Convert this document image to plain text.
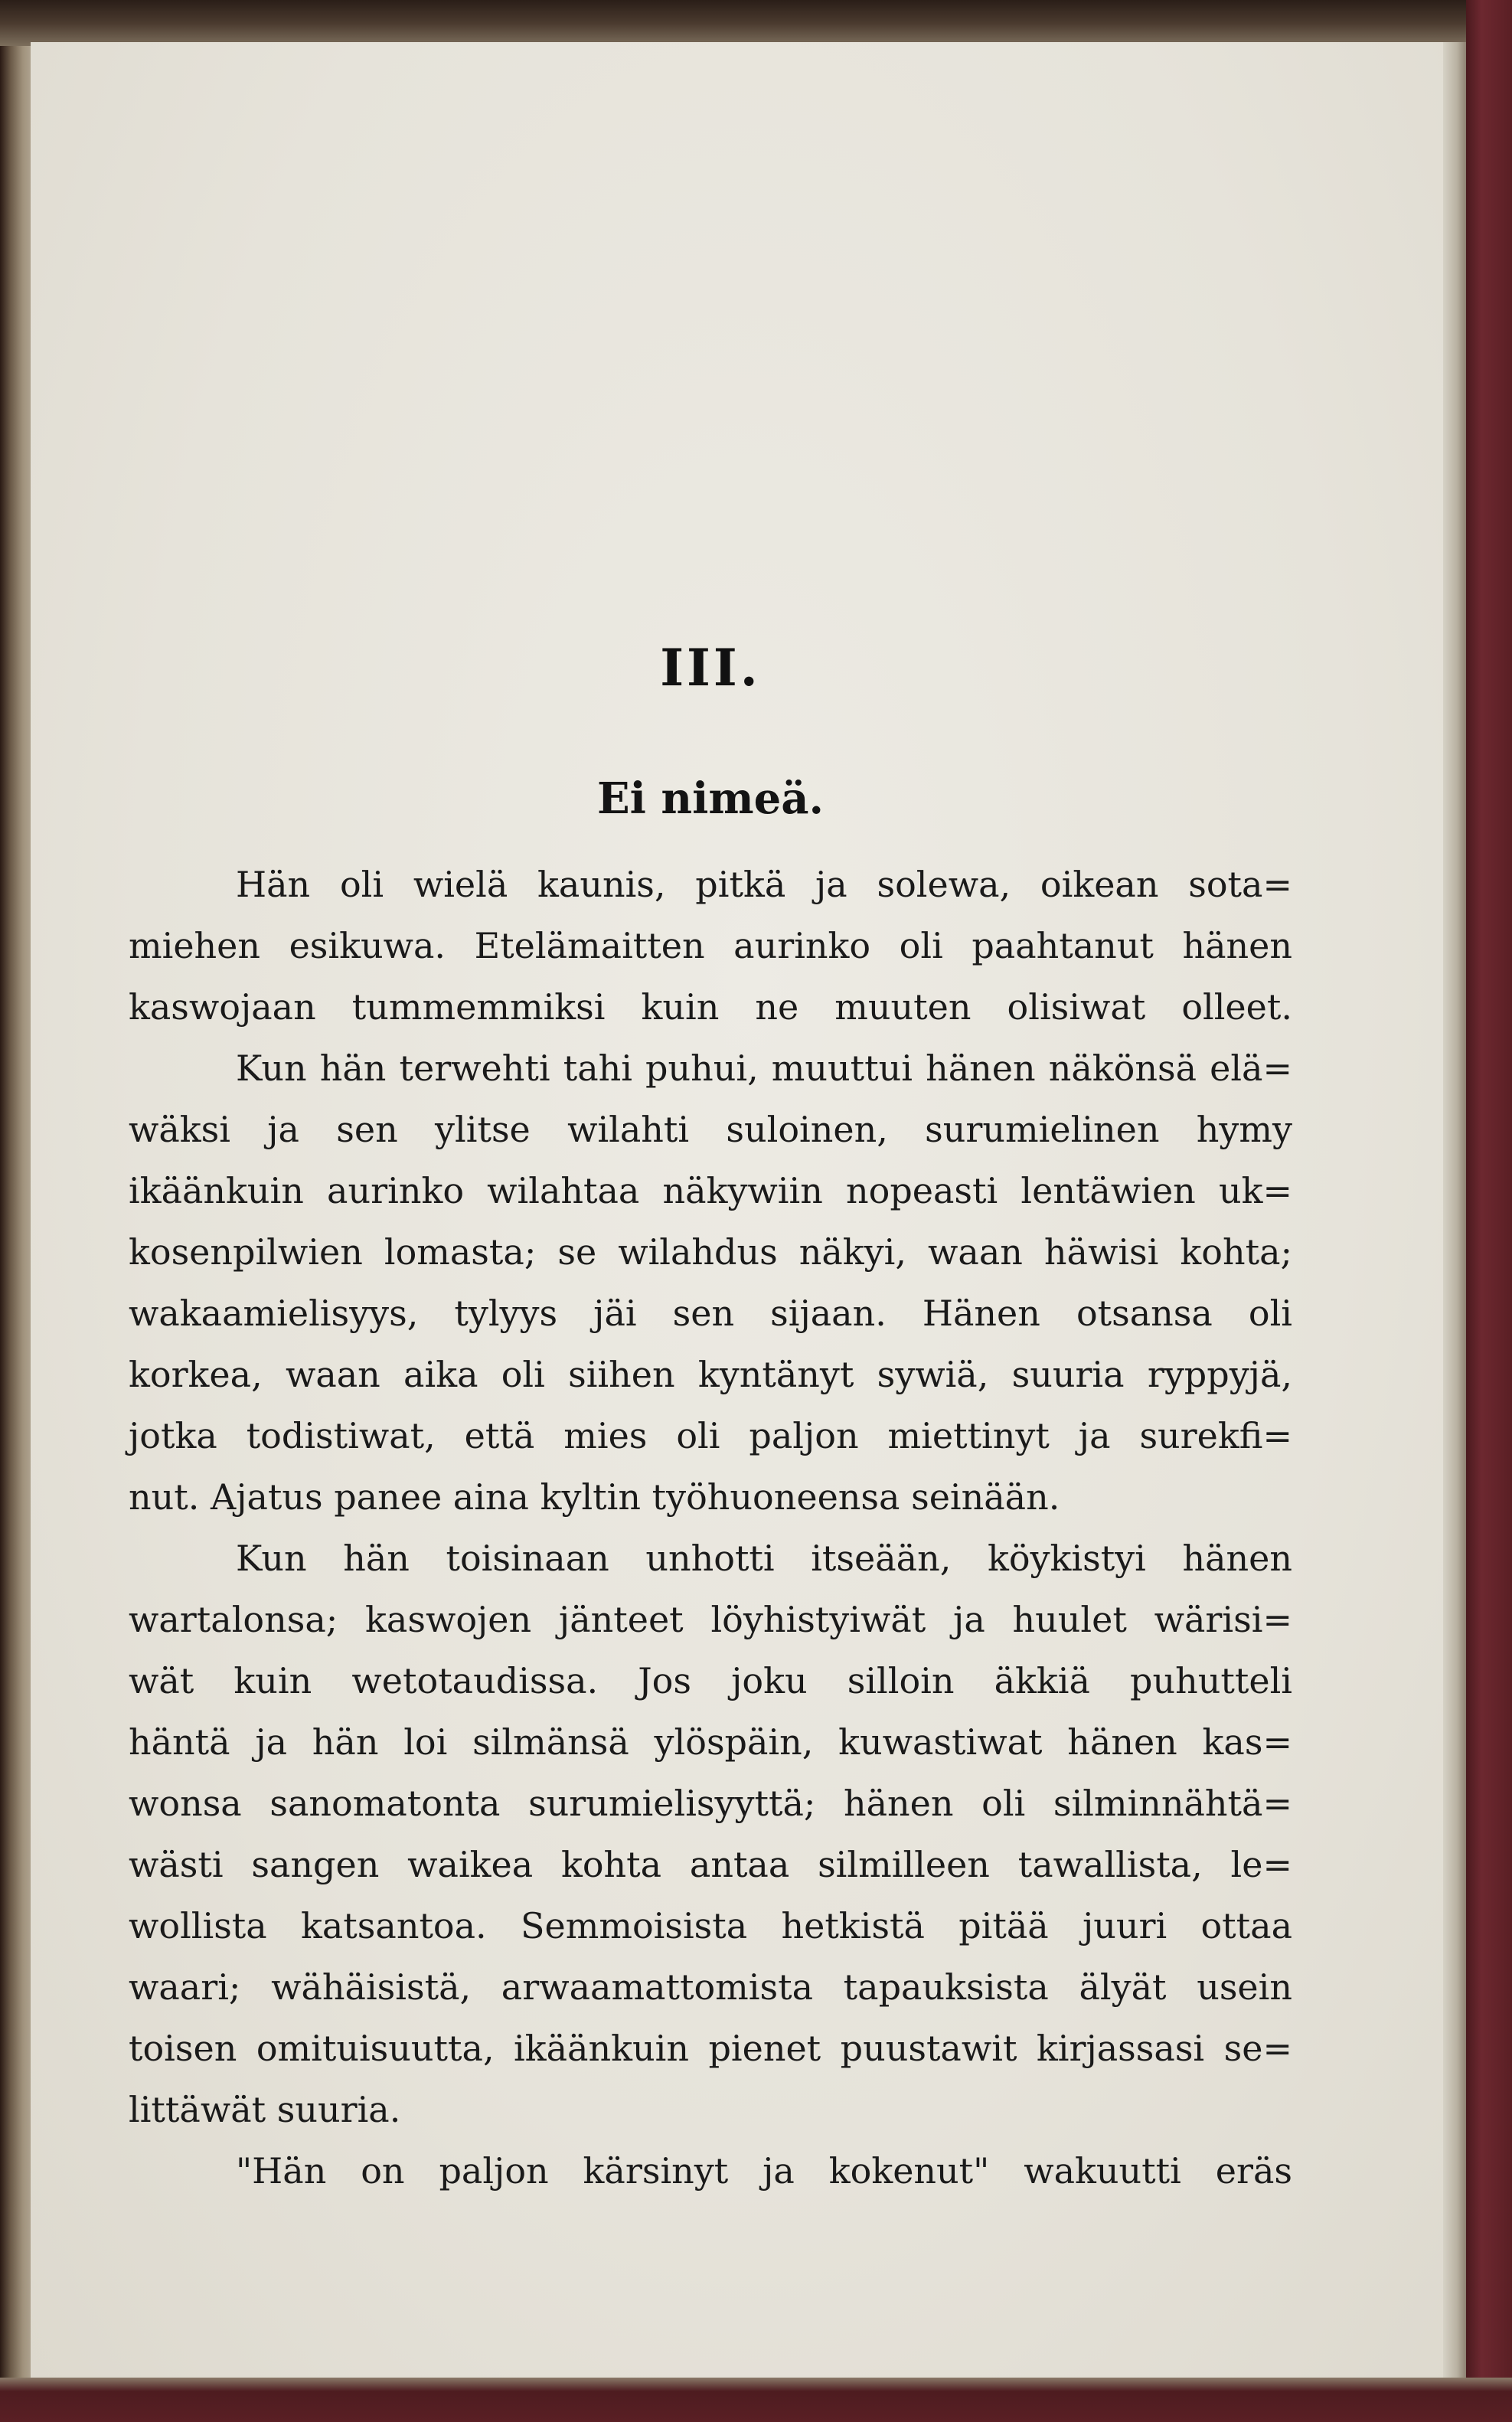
III.
Ei nimeä.
Hän oli wielä kaunis, pitkä ja solewa, oikean sota=
miehen esikuwa. Etelämaitten aurinko oli paahtanut hänen
kaswojaan tummemmiksi kuin ne muuten olisiwat olleet.
Kun hän terwehti tahi puhui, muuttui hänen näkönsä elä=
wäksi ja sen ylitse wilahti suloinen, surumielinen hymy
ikäänkuin aurinko wilahtaa näkywiin nopeasti lentäwien uk=
kosenpilwien lomasta; se wilahdus näkyi, waan häwisi kohta;
wakaamielisyys, tylyys jäi sen sijaan. Hänen otsansa oli
korkea, waan aika oli siihen kyntänyt sywiä, suuria ryppyjä,
jotka todistiwat, että mies oli paljon miettinyt ja surekfi=
nut. Ajatus panee aina kyltin työhuoneensa seinään.
Kun hän toisinaan unhotti itseään, köykistyi hänen
wartalonsa; kaswojen jänteet löyhistyiwät ja huulet wärisi=
wät kuin wetotaudissa. Jos joku silloin äkkiä puhutteli
häntä ja hän loi silmänsä ylöspäin, kuwastiwat hänen kas=
wonsa sanomatonta surumielisyyttä; hänen oli silminnähtä=
wästi sangen waikea kohta antaa silmilleen tawallista, le=
wollista katsantoa. Semmoisista hetkistä pitää juuri ottaa
waari; wähäisistä, arwaamattomista tapauksista älyät usein
toisen omituisuutta, ikäänkuin pienet puustawit kirjassasi se=
littäwät suuria.
"Hän on paljon kärsinyt ja kokenut" wakuutti eräs
